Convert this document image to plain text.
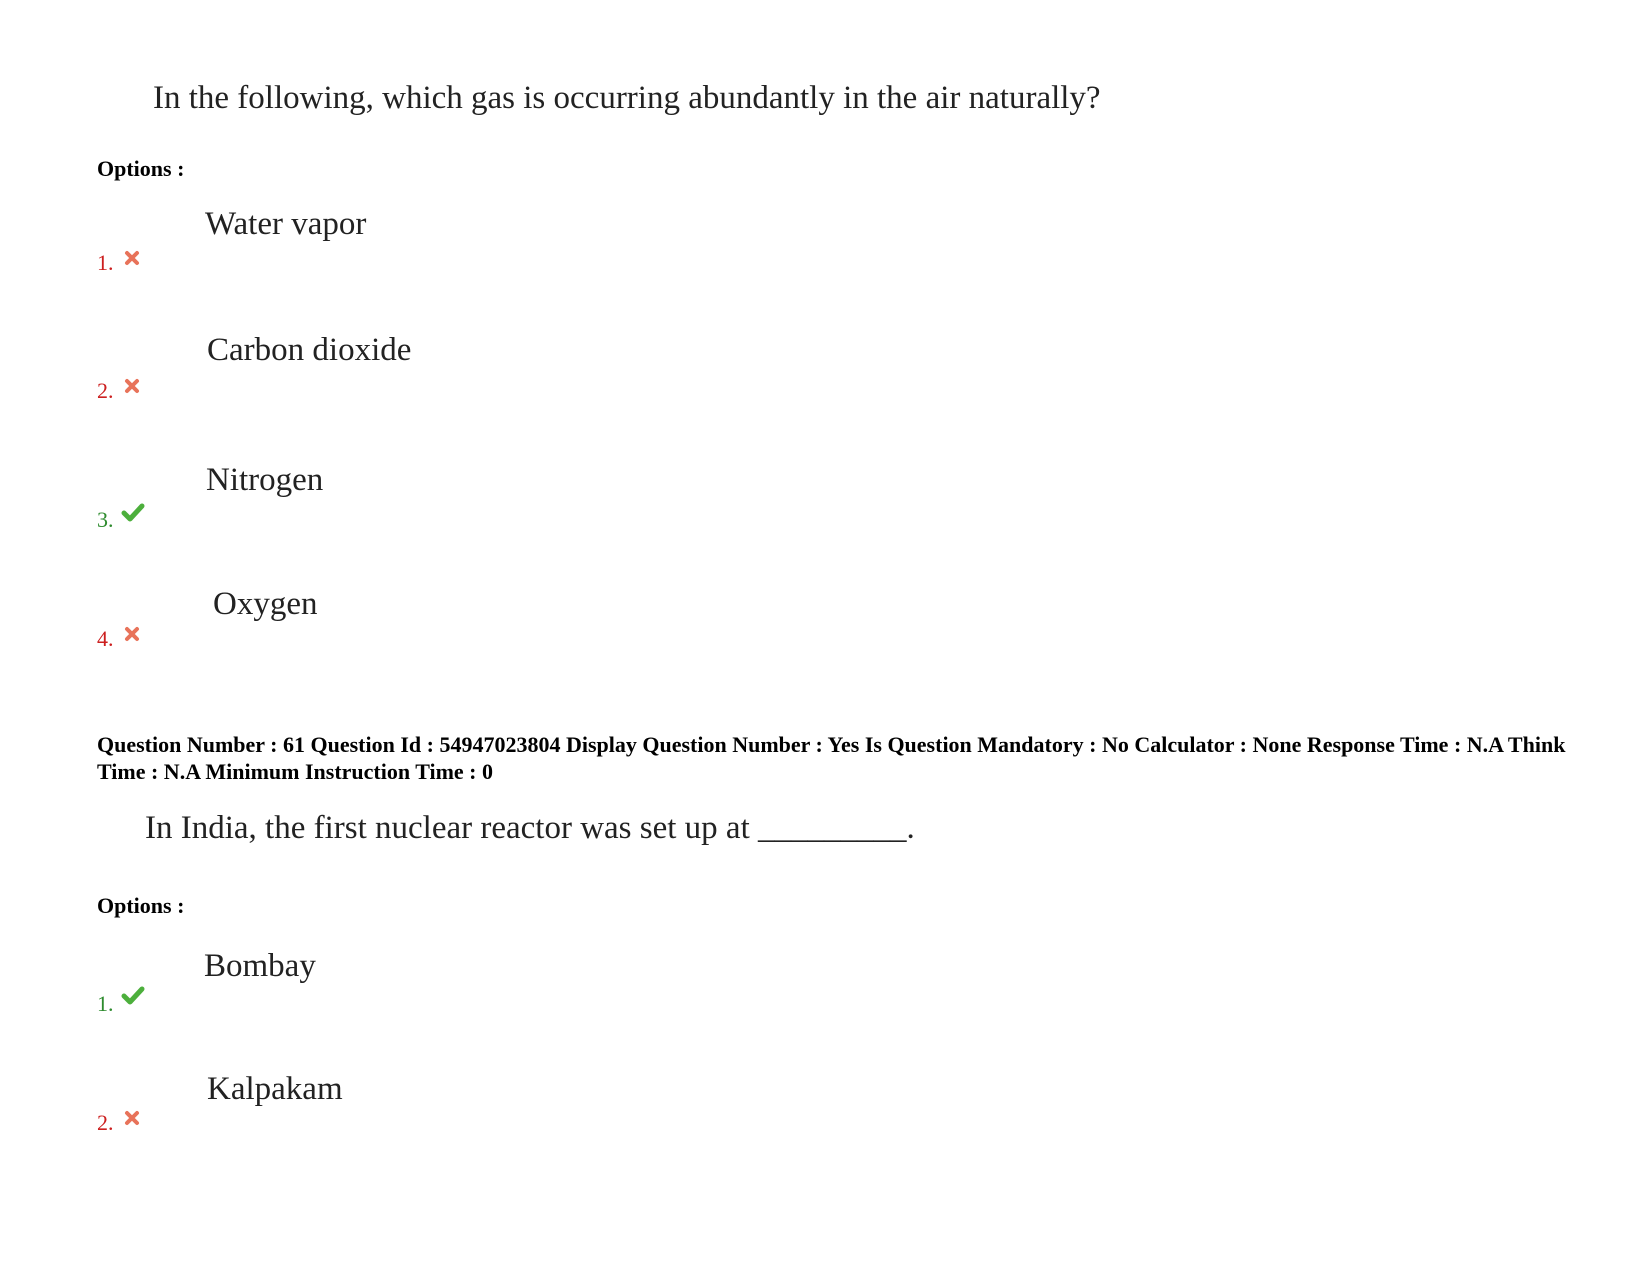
In the following, which gas is occurring abundantly in the air naturally?
Options :
Water vapor
1.
Carbon dioxide
2.
Nitrogen
3.
Oxygen
4.
Question Number : 61 Question Id : 54947023804 Display Question Number : Yes Is Question Mandatory : No Calculator : None Response Time : N.A Think Time : N.A Minimum Instruction Time : 0
In India, the first nuclear reactor was set up at _________.
Options :
Bombay
1.
Kalpakam
2.
